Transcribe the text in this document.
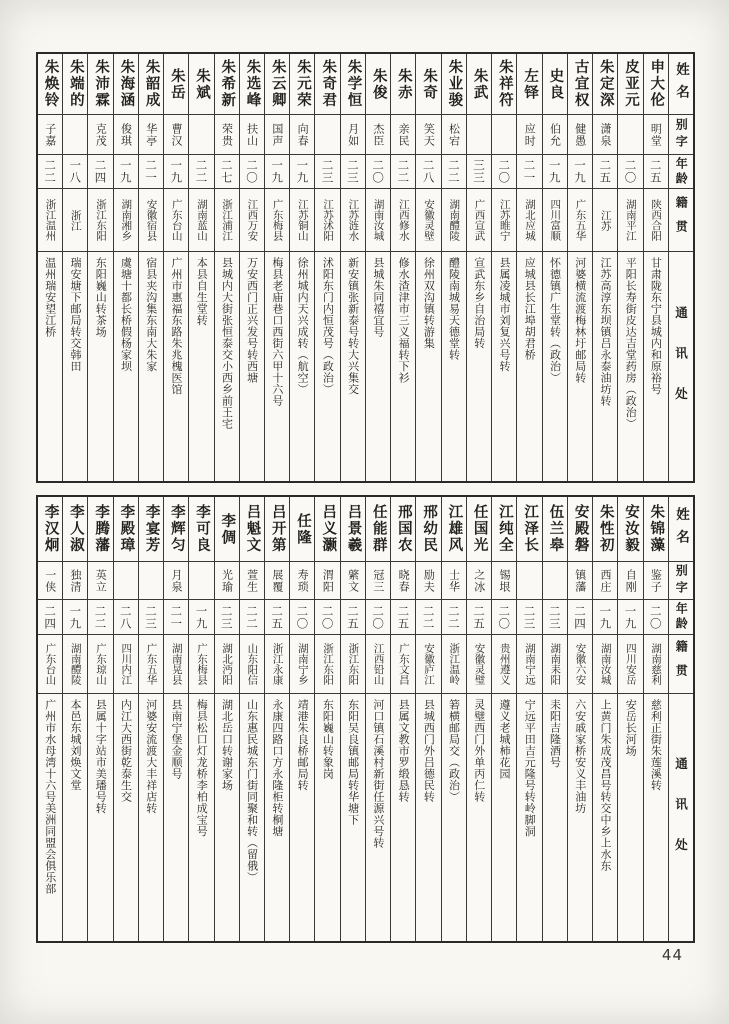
姓名
别字
年龄
籍贯
通讯处
申大伦
明堂
二五
陕西合阳
甘肃陇东宁县城内和原裕号
皮亚元
二〇
湖南平江
平阳长寿街皮达吉堂药房（政治）
朱定深
潇泉
二五
江苏
江苏高淳东坝镇吕永泰油坊转
古宜权
健愚
一九
广东五华
河婆横流渡梅林圩邮局转
史良
伯允
一九
四川富顺
怀德镇广生堂转（政治）
左铎
应时
二一
湖北应城
应城县长江埠胡君桥
朱祥符
二〇
江苏睢宁
县属凌城市刘复兴号转
朱武
三三
广西宣武
宣武东乡自治局转
朱业骏
松宕
二二
湖南醴陵
醴陵南城易天德堂转
朱奇
笑天
二八
安徽灵壁
徐州双沟镇转游集
朱赤
亲民
二二
江西修水
修水渣津市三义福转下衫
朱俊
杰臣
二〇
湖南汝城
县城朱同禧宜号
朱学恒
月如
二三
江苏涟水
新安镇张新泰号转大兴集交
朱奇君
二三
江苏沭阳
沭阳东门内恒茂号（政治）
朱元荣
向春
一九
江苏铜山
徐州城内天兴成转（航空）
朱云卿
国声
一九
广东梅县
梅县老庙巷口西街六甲十六号
朱选峰
扶山
二〇
江西万安
万安西门正兴发号转西塘
朱希新
荣贵
二七
浙江浦江
县城内大街张恒泰交小西乡前王宅
朱斌
二二
湖南蓝山
本县自生堂转
朱岳
曹汉
一九
广东台山
广州市惠福东路朱兆槐医馆
朱韶成
华亭
二一
安徽宿县
宿县夹沟集东南大朱家
朱海涵
俊琪
一九
湖南湘乡
虞塘十都长桥假杨家坝
朱沛霖
克茂
二四
浙江东阳
东阳巍山转茶场
朱端的
一八
浙江
瑞安塘下邮局转交韩田
朱焕铃
子嘉
二二
浙江温州
温州瑞安望江桥
姓名
别字
年龄
籍贯
通讯处
朱锦藻
鉴子
二〇
湖南慈利
慈利正街朱莲溪转
安汝毅
自刚
一九
四川安岳
安岳长河场
朱性初
西庄
一九
湖南汝城
上黄门朱成茂昌号转交中乡上水东
安殿磐
镇藩
二四
安徽六安
六安戚家桥安义丰油坊
伍兰皋
二三
湖南耒阳
耒阳吉隆酒号
江泽长
二三
湖南宁远
宁远平田吉元隆号转岭脚洞
江纯全
锡垠
二〇
贵州遵义
遵义老城柿花园
任国光
之冰
二五
安徽灵璧
灵璧西门外单丙仁转
江雄风
士华
二二
浙江温岭
箬横邮局交（政治）
邢幼民
励夫
二二
安徽庐江
县城西门外吕德民转
邢国农
晓春
二五
广东文昌
县属文教市罗缎恳转
任能群
冠三
二〇
江西铅山
河口镇石溪村新街任源兴号转
吕景羲
綮文
二五
浙江东阳
东阳吴良镇邮局转华塘下
吕义灏
渭阳
二〇
浙江东阳
东阳巍山转象岗
任隆
寿琐
二〇
湖南宁乡
靖港朱良桥邮局转
吕开第
展覆
二五
浙江永康
永康四路口方永隆柜转桐塘
吕魁文
萱生
二二
山东阳信
山东惠民城东门街同聚和转（留俄）
李倜
光瑜
二三
湖北沔阳
湖北岳口转谢家场
李可良
一九
广东梅县
梅县松口灯龙桥李柏成宝号
李辉匀
月泉
二一
湖南晃县
县南宁堡金顺号
李宴芳
二三
广东五华
河婆安流渡大丰祥店转
李殿璋
二八
四川内江
内江大西街乾泰生交
李腾藩
英立
二二
广东琼山
县属十字站市美璠号转
李人淑
独清
一九
湖南醴陵
本邑东城刘焕文堂
李汉炯
一侠
二四
广东台山
广州市水母湾十六号美洲同盟会俱乐部
44
